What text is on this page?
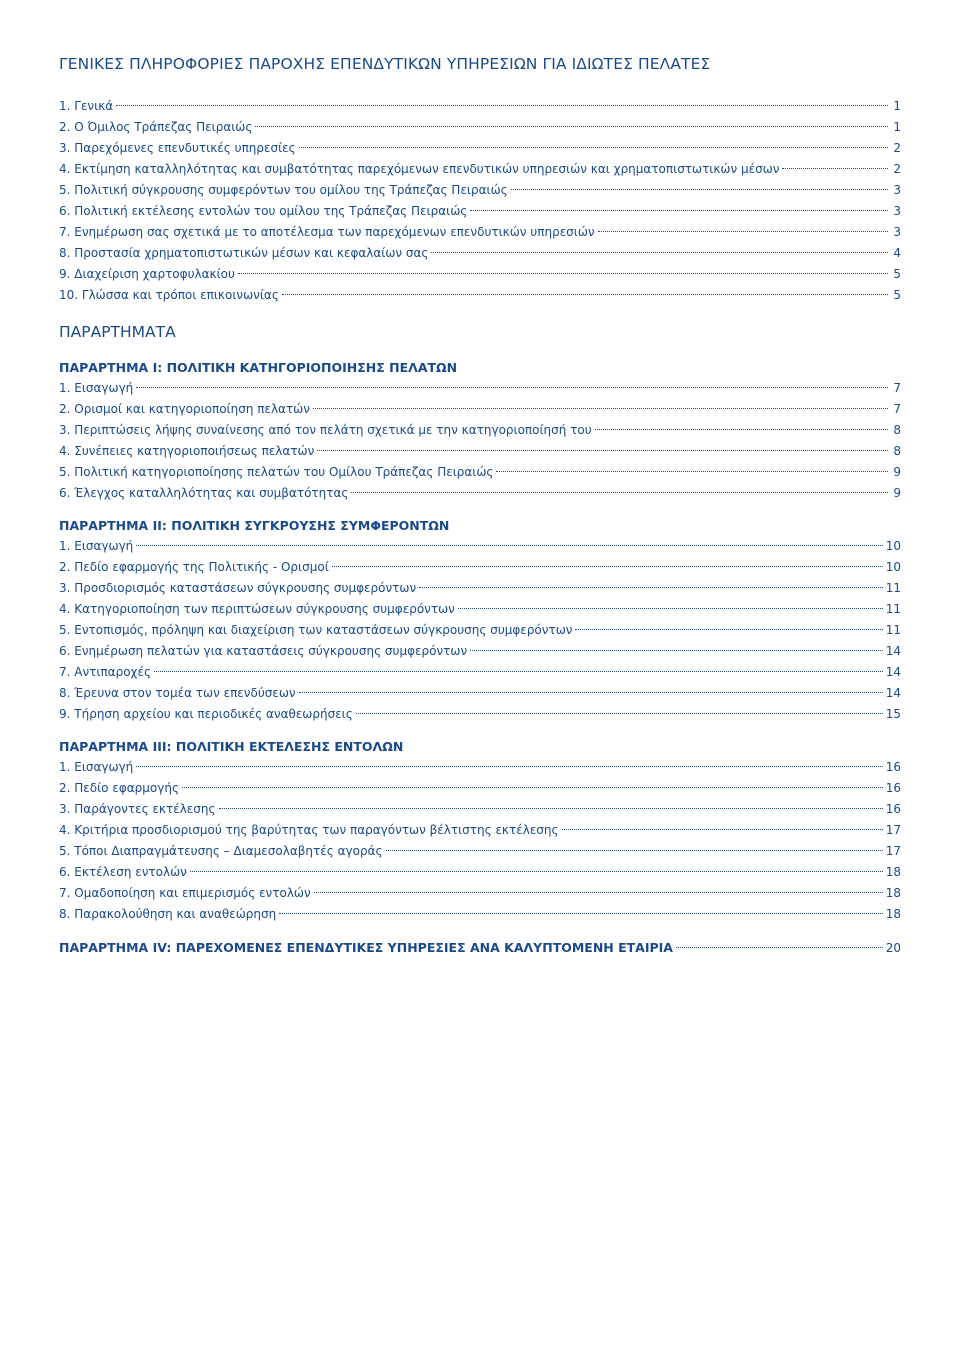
ΓΕΝΙΚΕΣ ΠΛΗΡΟΦΟΡΙΕΣ ΠΑΡΟΧΗΣ ΕΠΕΝΔΥΤΙΚΩΝ ΥΠΗΡΕΣΙΩΝ ΓΙΑ ΙΔΙΩΤΕΣ ΠΕΛΑΤΕΣ
1. Γενικά	1
2. Ο Όμιλος Τράπεζας Πειραιώς	1
3. Παρεχόμενες επενδυτικές υπηρεσίες	2
4. Εκτίμηση καταλληλότητας και συμβατότητας παρεχόμενων επενδυτικών υπηρεσιών και χρηματοπιστωτικών μέσων	2
5. Πολιτική σύγκρουσης συμφερόντων του ομίλου της Τράπεζας Πειραιώς	3
6. Πολιτική εκτέλεσης εντολών του ομίλου της Τράπεζας Πειραιώς	3
7. Ενημέρωση σας σχετικά με το αποτέλεσμα των παρεχόμενων επενδυτικών υπηρεσιών	3
8. Προστασία χρηματοπιστωτικών μέσων και κεφαλαίων σας	4
9. Διαχείριση χαρτοφυλακίου	5
10. Γλώσσα και τρόποι επικοινωνίας	5
ΠΑΡΑΡΤΗΜΑΤΑ
ΠΑΡΑΡΤΗΜΑ I: ΠΟΛΙΤΙΚΗ ΚΑΤΗΓΟΡΙΟΠΟΙΗΣΗΣ ΠΕΛΑΤΩΝ
1. Εισαγωγή	7
2. Ορισμοί και κατηγοριοποίηση πελατών	7
3. Περιπτώσεις λήψης συναίνεσης από τον πελάτη σχετικά με την κατηγοριοποίησή του	8
4. Συνέπειες κατηγοριοποιήσεως πελατών	8
5. Πολιτική κατηγοριοποίησης πελατών του Ομίλου Τράπεζας Πειραιώς	9
6. Έλεγχος καταλληλότητας και συμβατότητας	9
ΠΑΡΑΡΤΗΜΑ II: ΠΟΛΙΤΙΚΗ ΣΥΓΚΡΟΥΣΗΣ ΣΥΜΦΕΡΟΝΤΩΝ
1. Εισαγωγή	10
2. Πεδίο εφαρμογής της Πολιτικής - Ορισμοί	10
3. Προσδιορισμός καταστάσεων σύγκρουσης συμφερόντων	11
4. Κατηγοριοποίηση των περιπτώσεων σύγκρουσης συμφερόντων	11
5. Εντοπισμός, πρόληψη και διαχείριση των καταστάσεων σύγκρουσης συμφερόντων	11
6. Ενημέρωση πελατών για καταστάσεις σύγκρουσης συμφερόντων	14
7. Αντιπαροχές	14
8. Έρευνα στον τομέα των επενδύσεων	14
9. Τήρηση αρχείου και περιοδικές αναθεωρήσεις	15
ΠΑΡΑΡΤΗΜΑ III: ΠΟΛΙΤΙΚΗ ΕΚΤΕΛΕΣΗΣ ΕΝΤΟΛΩΝ
1. Εισαγωγή	16
2. Πεδίο εφαρμογής	16
3. Παράγοντες εκτέλεσης	16
4. Κριτήρια προσδιορισμού της βαρύτητας των παραγόντων βέλτιστης εκτέλεσης	17
5. Τόποι Διαπραγμάτευσης – Διαμεσολαβητές αγοράς	17
6. Εκτέλεση εντολών	18
7. Ομαδοποίηση και επιμερισμός εντολών	18
8. Παρακολούθηση και αναθεώρηση	18
ΠΑΡΑΡΤΗΜΑ IV: ΠΑΡΕΧΟΜΕΝΕΣ ΕΠΕΝΔΥΤΙΚΕΣ ΥΠΗΡΕΣΙΕΣ ΑΝΑ ΚΑΛΥΠΤΟΜΕΝΗ ΕΤΑΙΡΙΑ	20
